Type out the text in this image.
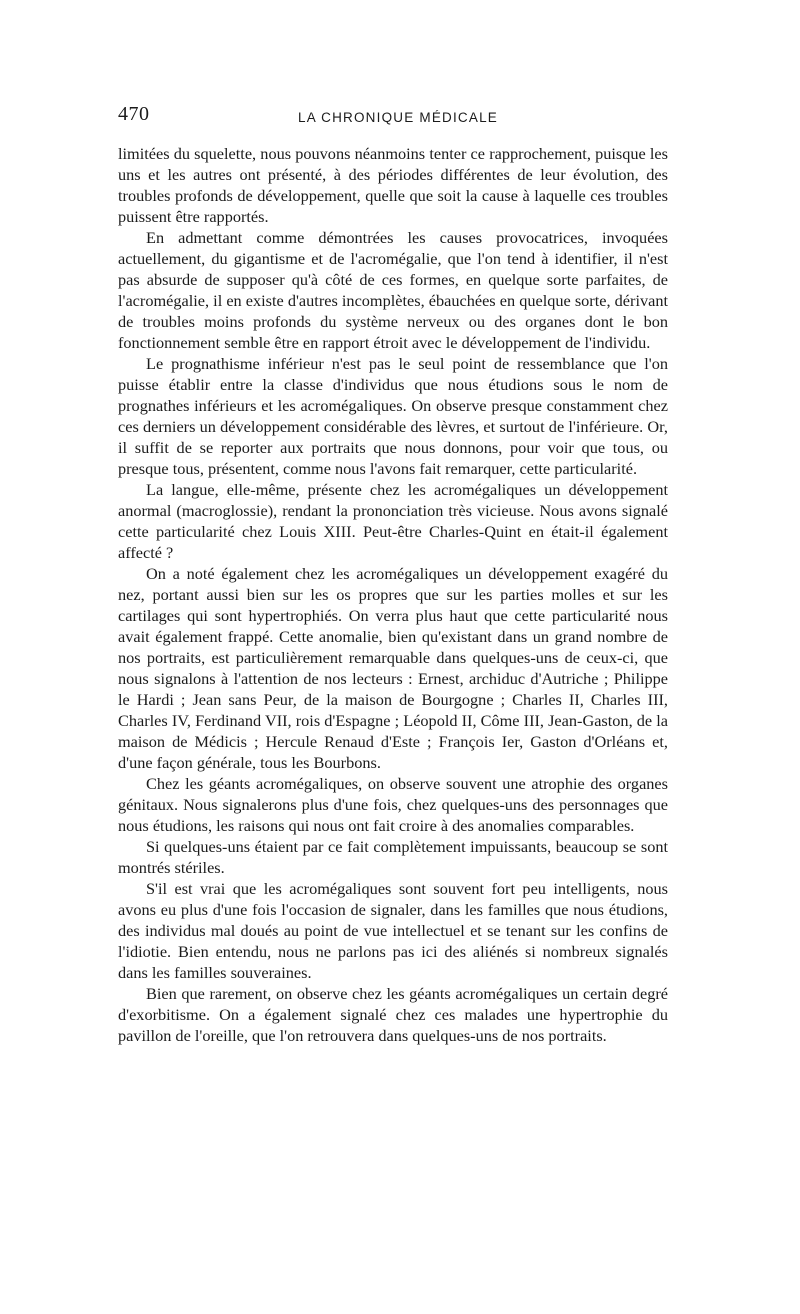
470	LA CHRONIQUE MÉDICALE

limitées du squelette, nous pouvons néanmoins tenter ce rapprochement, puisque les uns et les autres ont présenté, à des périodes différentes de leur évolution, des troubles profonds de développement, quelle que soit la cause à laquelle ces troubles puissent être rapportés.

En admettant comme démontrées les causes provocatrices, invoquées actuellement, du gigantisme et de l'acromégalie, que l'on tend à identifier, il n'est pas absurde de supposer qu'à côté de ces formes, en quelque sorte parfaites, de l'acromégalie, il en existe d'autres incomplètes, ébauchées en quelque sorte, dérivant de troubles moins profonds du système nerveux ou des organes dont le bon fonctionnement semble être en rapport étroit avec le développement de l'individu.

Le prognathisme inférieur n'est pas le seul point de ressemblance que l'on puisse établir entre la classe d'individus que nous étudions sous le nom de prognathes inférieurs et les acromégaliques. On observe presque constamment chez ces derniers un développement considérable des lèvres, et surtout de l'inférieure. Or, il suffit de se reporter aux portraits que nous donnons, pour voir que tous, ou presque tous, présentent, comme nous l'avons fait remarquer, cette particularité.

La langue, elle-même, présente chez les acromégaliques un développement anormal (macroglossie), rendant la prononciation très vicieuse. Nous avons signalé cette particularité chez Louis XIII. Peut-être Charles-Quint en était-il également affecté ?

On a noté également chez les acromégaliques un développement exagéré du nez, portant aussi bien sur les os propres que sur les parties molles et sur les cartilages qui sont hypertrophiés. On verra plus haut que cette particularité nous avait également frappé. Cette anomalie, bien qu'existant dans un grand nombre de nos portraits, est particulièrement remarquable dans quelques-uns de ceux-ci, que nous signalons à l'attention de nos lecteurs : Ernest, archiduc d'Autriche ; Philippe le Hardi ; Jean sans Peur, de la maison de Bourgogne ; Charles II, Charles III, Charles IV, Ferdinand VII, rois d'Espagne ; Léopold II, Côme III, Jean-Gaston, de la maison de Médicis ; Hercule Renaud d'Este ; François Ier, Gaston d'Orléans et, d'une façon générale, tous les Bourbons.

Chez les géants acromégaliques, on observe souvent une atrophie des organes génitaux. Nous signalerons plus d'une fois, chez quelques-uns des personnages que nous étudions, les raisons qui nous ont fait croire à des anomalies comparables.

Si quelques-uns étaient par ce fait complètement impuissants, beaucoup se sont montrés stériles.

S'il est vrai que les acromégaliques sont souvent fort peu intelligents, nous avons eu plus d'une fois l'occasion de signaler, dans les familles que nous étudions, des individus mal doués au point de vue intellectuel et se tenant sur les confins de l'idiotie. Bien entendu, nous ne parlons pas ici des aliénés si nombreux signalés dans les familles souveraines.

Bien que rarement, on observe chez les géants acromégaliques un certain degré d'exorbitisme. On a également signalé chez ces malades une hypertrophie du pavillon de l'oreille, que l'on retrouvera dans quelques-uns de nos portraits.
